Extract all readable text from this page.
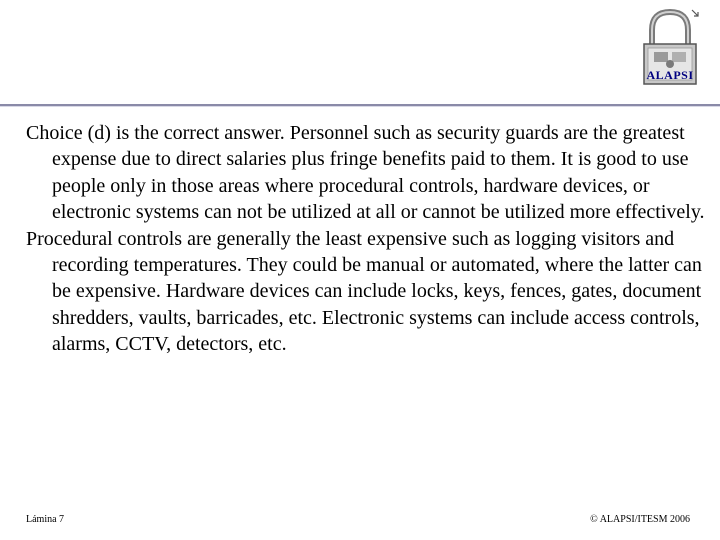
ALAPSI

Choice (d) is the correct answer. Personnel such as security guards are the greatest expense due to direct salaries plus fringe benefits paid to them. It is good to use people only in those areas where procedural controls, hardware devices, or electronic systems can not be utilized at all or cannot be utilized more effectively.

Procedural controls are generally the least expensive such as logging visitors and recording temperatures. They could be manual or automated, where the latter can be expensive. Hardware devices can include locks, keys, fences, gates, document shredders, vaults, barricades, etc. Electronic systems can include access controls, alarms, CCTV, detectors, etc.

Lámina 7	© ALAPSI/ITESM 2006
